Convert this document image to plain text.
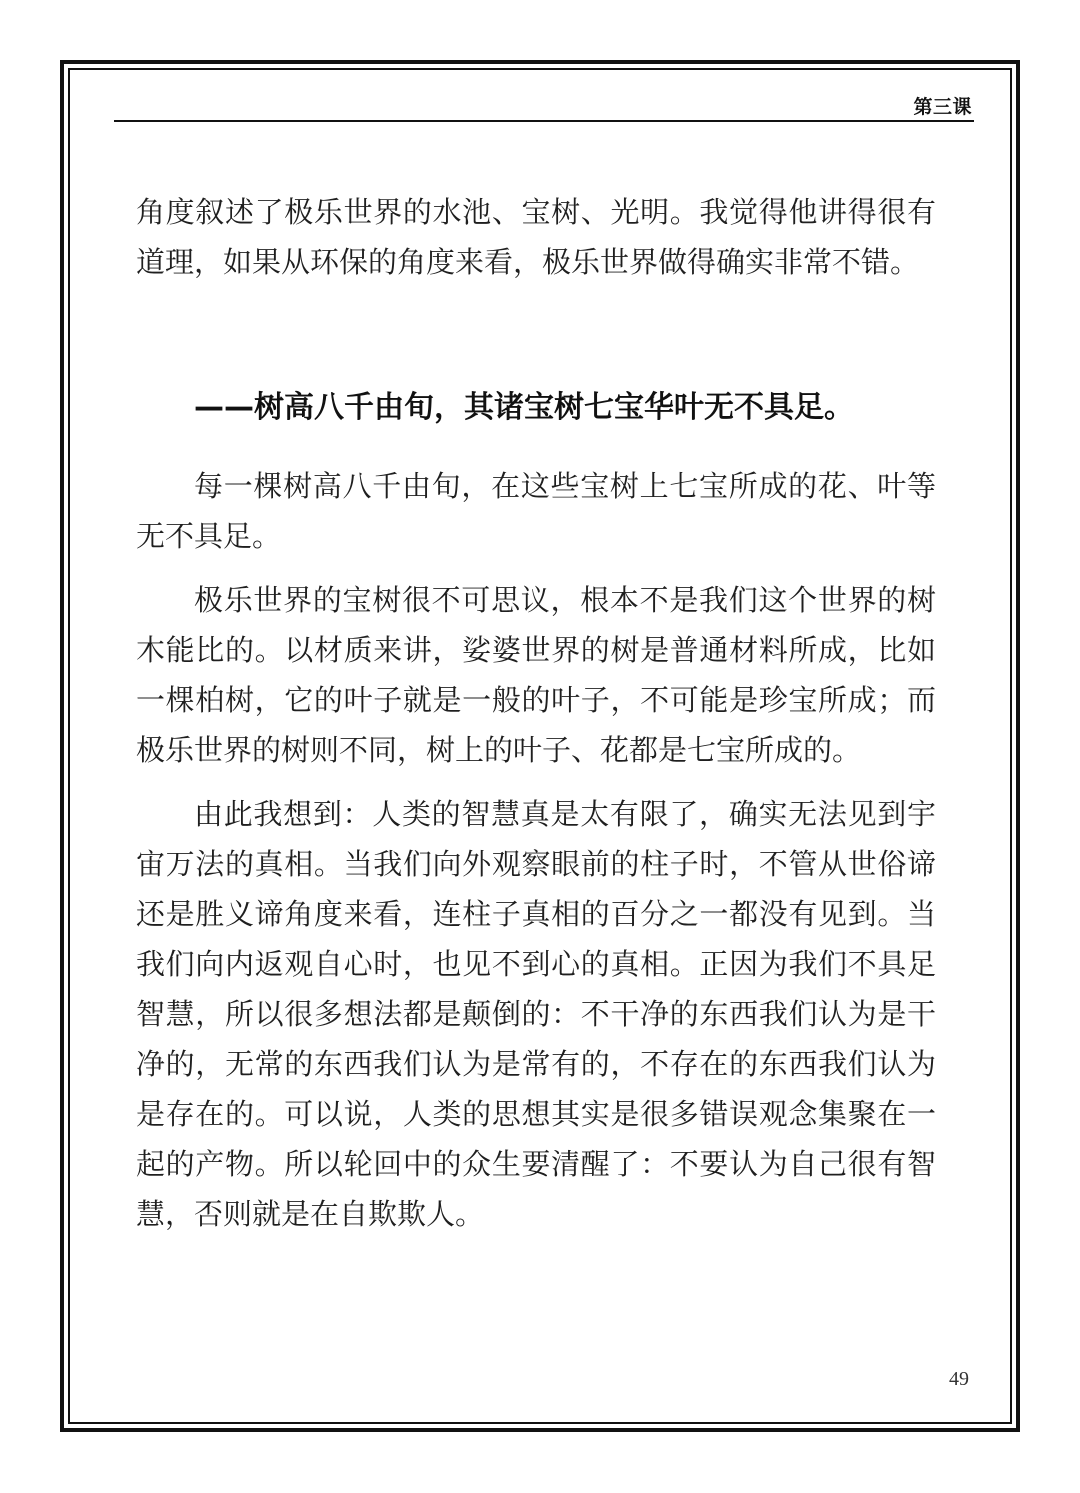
第三课

角度叙述了极乐世界的水池、宝树、光明。我觉得他讲得很有道理，如果从环保的角度来看，极乐世界做得确实非常不错。

——树高八千由旬，其诸宝树七宝华叶无不具足。

每一棵树高八千由旬，在这些宝树上七宝所成的花、叶等无不具足。

极乐世界的宝树很不可思议，根本不是我们这个世界的树木能比的。以材质来讲，娑婆世界的树是普通材料所成，比如一棵柏树，它的叶子就是一般的叶子，不可能是珍宝所成；而极乐世界的树则不同，树上的叶子、花都是七宝所成的。

由此我想到：人类的智慧真是太有限了，确实无法见到宇宙万法的真相。当我们向外观察眼前的柱子时，不管从世俗谛还是胜义谛角度来看，连柱子真相的百分之一都没有见到。当我们向内返观自心时，也见不到心的真相。正因为我们不具足智慧，所以很多想法都是颠倒的：不干净的东西我们认为是干净的，无常的东西我们认为是常有的，不存在的东西我们认为是存在的。可以说，人类的思想其实是很多错误观念集聚在一起的产物。所以轮回中的众生要清醒了：不要认为自己很有智慧，否则就是在自欺欺人。

49
